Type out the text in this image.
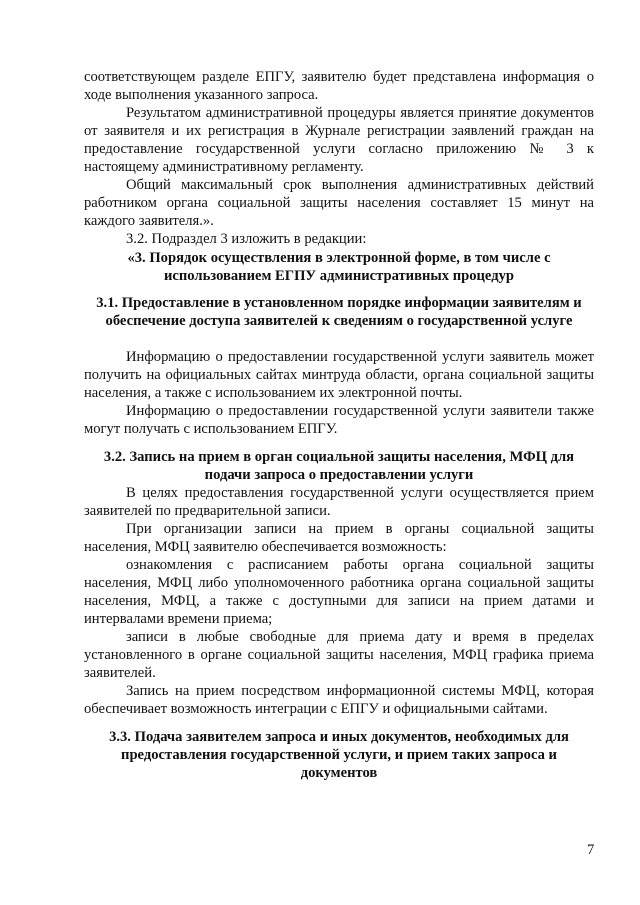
соответствующем разделе ЕПГУ, заявителю будет представлена информация о ходе выполнения указанного запроса.

Результатом административной процедуры является принятие документов от заявителя и их регистрация в Журнале регистрации заявлений граждан на предоставление государственной услуги согласно приложению № 3 к настоящему административному регламенту.

Общий максимальный срок выполнения административных действий работником органа социальной защиты населения составляет 15 минут на каждого заявителя.».

3.2. Подраздел 3 изложить в редакции:

«3. Порядок осуществления в электронной форме, в том числе с использованием ЕГПУ административных процедур
3.1. Предоставление в установленном порядке информации заявителям и обеспечение доступа заявителей к сведениям о государственной услуге

Информацию о предоставлении государственной услуги заявитель может получить на официальных сайтах минтруда области, органа социальной защиты населения, а также с использованием их электронной почты.

Информацию о предоставлении государственной услуги заявители также могут получать с использованием ЕПГУ.

3.2. Запись на прием в орган социальной защиты населения, МФЦ для подачи запроса о предоставлении услуги

В целях предоставления государственной услуги осуществляется прием заявителей по предварительной записи.

При организации записи на прием в органы социальной защиты населения, МФЦ заявителю обеспечивается возможность:

ознакомления с расписанием работы органа социальной защиты населения, МФЦ либо уполномоченного работника органа социальной защиты населения, МФЦ, а также с доступными для записи на прием датами и интервалами времени приема;

записи в любые свободные для приема дату и время в пределах установленного в органе социальной защиты населения, МФЦ графика приема заявителей.

Запись на прием посредством информационной системы МФЦ, которая обеспечивает возможность интеграции с ЕПГУ и официальными сайтами.

3.3. Подача заявителем запроса и иных документов, необходимых для предоставления государственной услуги, и прием таких запроса и документов
7
